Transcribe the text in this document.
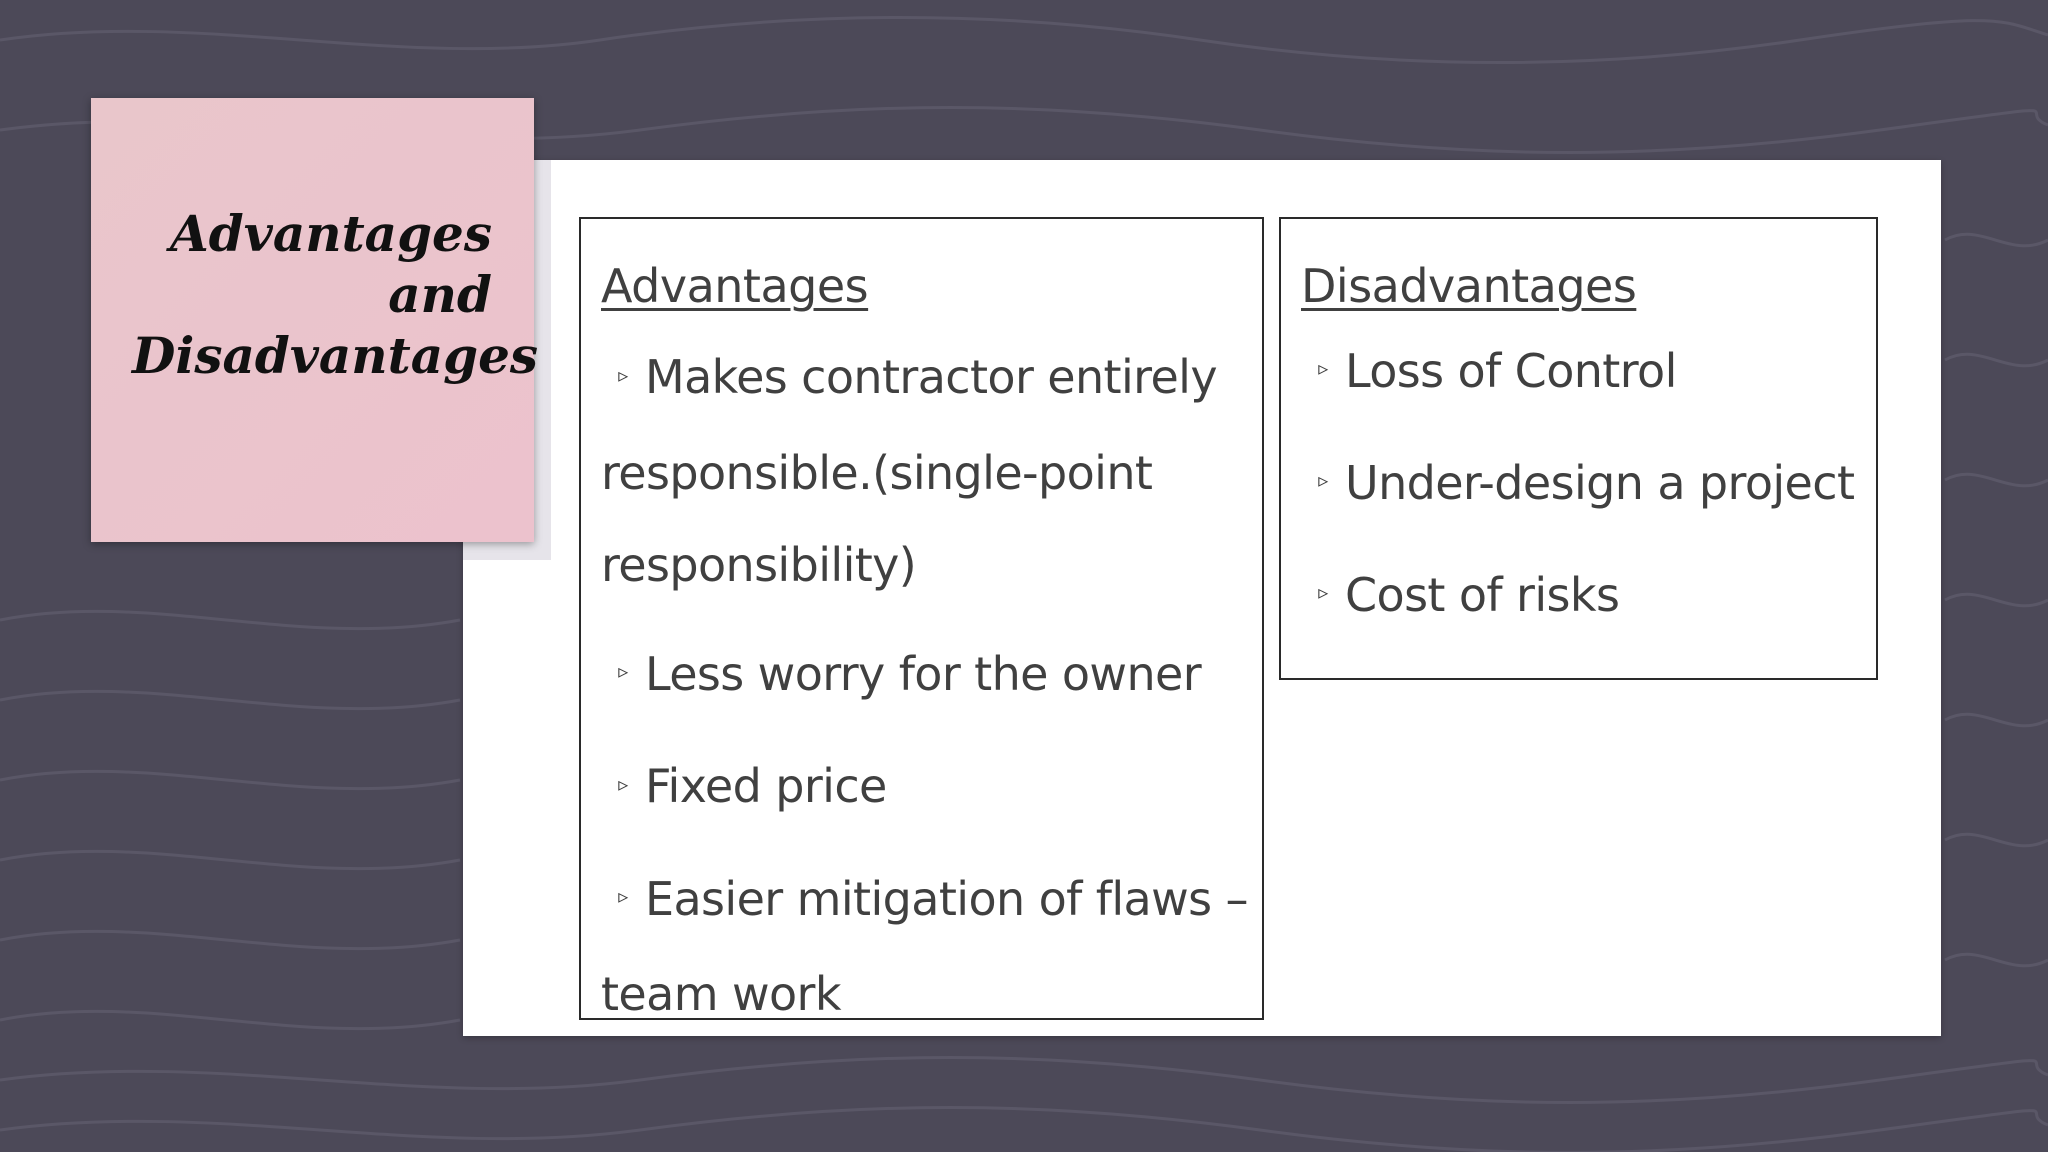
Advantages and Disadvantages
Advantages
▹ Makes contractor entirely responsible.(single-point responsibility)
▹ Less worry for the owner
▹ Fixed price
▹ Easier mitigation of flaws – team work
Disadvantages
▹ Loss of Control
▹ Under-design a project
▹ Cost of risks
